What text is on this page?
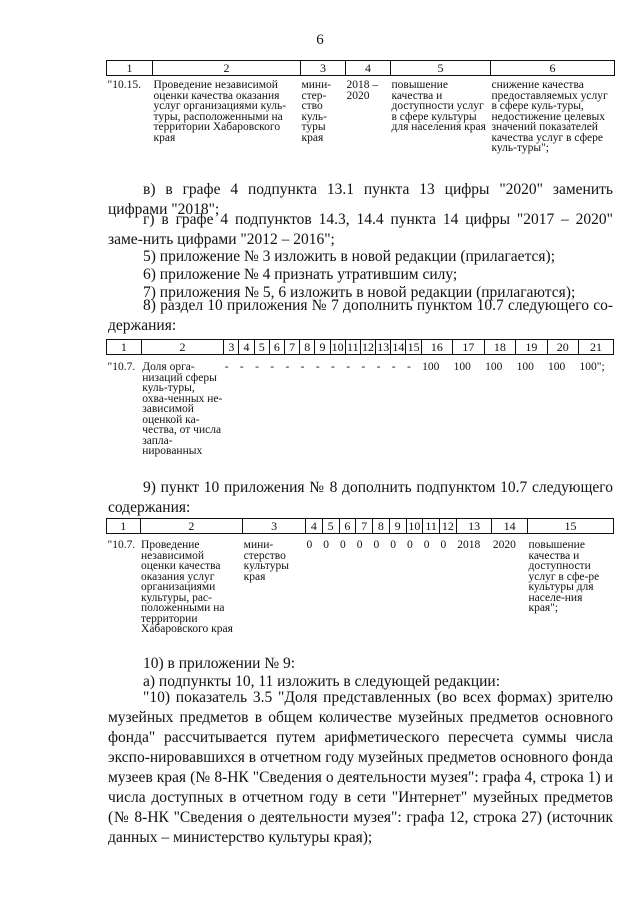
6
1	2	3	4	5	6
"10.15.	Проведение независимой оценки качества оказания услуг организациями куль-туры, расположенными на территории Хабаровского края	мини-стер-ство куль-туры края	2018 – 2020	повышение качества и доступности услуг в сфере культуры для населения края	снижение качества предоставляемых услуг в сфере куль-туры, недостижение целевых значений показателей качества услуг в сфере куль-туры";
в) в графе 4 подпункта 13.1 пункта 13 цифры "2020" заменить цифрами "2018";
г) в графе 4 подпунктов 14.3, 14.4 пункта 14 цифры "2017 – 2020" заме-нить цифрами "2012 – 2016";
5) приложение № 3 изложить в новой редакции (прилагается);
6) приложение № 4 признать утратившим силу;
7) приложения № 5, 6 изложить в новой редакции (прилагаются);
8) раздел 10 приложения № 7 дополнить пунктом 10.7 следующего со-держания:
1	2	3	4	5	6	7	8	9	10	11	12	13	14	15	16	17	18	19	20	21
"10.7.	Доля орга-низаций сферы куль-туры, охва-ченных не-зависимой оценкой ка-чества, от числа запла-нированных	-	-	-	-	-	-	-	-	-	-	-	-	-	100	100	100	100	100	100";
9) пункт 10 приложения № 8 дополнить подпунктом 10.7 следующего содержания:
1	2	3	4	5	6	7	8	9	10	11	12	13	14	15
"10.7.	Проведение независимой оценки качества оказания услуг организациями культуры, рас-положенными на территории Хабаровского края	мини-стерство культуры края	0	0	0	0	0	0	0	0	0	2018	2020	повышение качества и доступности услуг в сфе-ре культуры для населе-ния края";
10) в приложении № 9:
а) подпункты 10, 11 изложить в следующей редакции:
"10) показатель 3.5 "Доля представленных (во всех формах) зрителю музейных предметов в общем количестве музейных предметов основного фонда" рассчитывается путем арифметического пересчета суммы числа экспо-нировавшихся в отчетном году музейных предметов основного фонда музеев края (№ 8-НК "Сведения о деятельности музея": графа 4, строка 1) и числа доступных в отчетном году в сети "Интернет" музейных предметов (№ 8-НК "Сведения о деятельности музея": графа 12, строка 27) (источник данных – министерство культуры края);
